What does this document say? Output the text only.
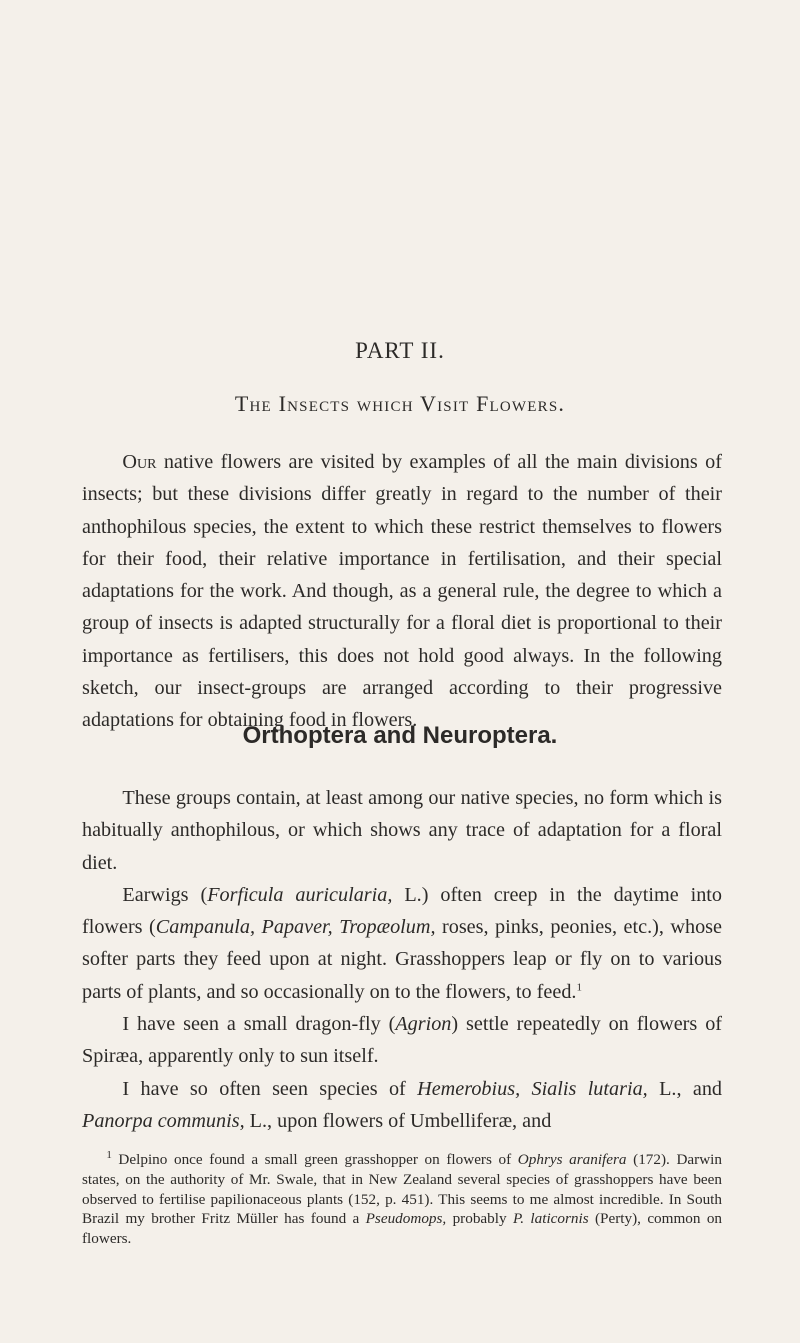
PART II.
The Insects which Visit Flowers.

Our native flowers are visited by examples of all the main divisions of insects; but these divisions differ greatly in regard to the number of their anthophilous species, the extent to which these restrict themselves to flowers for their food, their relative importance in fertilisation, and their special adaptations for the work. And though, as a general rule, the degree to which a group of insects is adapted structurally for a floral diet is proportional to their importance as fertilisers, this does not hold good always. In the following sketch, our insect-groups are arranged according to their progressive adaptations for obtaining food in flowers.

Orthoptera and Neuroptera.

These groups contain, at least among our native species, no form which is habitually anthophilous, or which shows any trace of adaptation for a floral diet.

Earwigs (Forficula auricularia, L.) often creep in the daytime into flowers (Campanula, Papaver, Tropæolum, roses, pinks, peonies, etc.), whose softer parts they feed upon at night. Grasshoppers leap or fly on to various parts of plants, and so occasionally on to the flowers, to feed.$^1$

I have seen a small dragon-fly (Agrion) settle repeatedly on flowers of Spiræa, apparently only to sun itself.

I have so often seen species of Hemerobius, Sialis lutaria, L., and Panorpa communis, L., upon flowers of Umbelliferæ, and

$^1$ Delpino once found a small green grasshopper on flowers of Ophrys aranifera (172). Darwin states, on the authority of Mr. Swale, that in New Zealand several species of grasshoppers have been observed to fertilise papilionaceous plants (152, p. 451). This seems to me almost incredible. In South Brazil my brother Fritz Müller has found a Pseudomops, probably P. laticornis (Perty), common on flowers.
